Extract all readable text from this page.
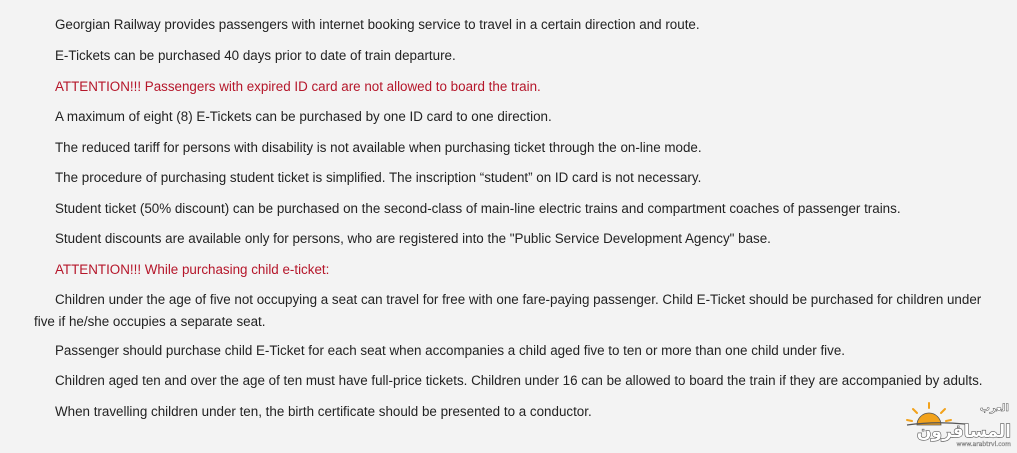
Georgian Railway provides passengers with internet booking service to travel in a certain direction and route.

E-Tickets can be purchased 40 days prior to date of train departure.

ATTENTION!!! Passengers with expired ID card are not allowed to board the train.

A maximum of eight (8) E-Tickets can be purchased by one ID card to one direction.

The reduced tariff for persons with disability is not available when purchasing ticket through the on-line mode.

The procedure of purchasing student ticket is simplified. The inscription “student” on ID card is not necessary.

Student ticket (50% discount) can be purchased on the second-class of main-line electric trains and compartment coaches of passenger trains.

Student discounts are available only for persons, who are registered into the "Public Service Development Agency" base.

ATTENTION!!! While purchasing child e-ticket:

Children under the age of five not occupying a seat can travel for free with one fare-paying passenger. Child E-Ticket should be purchased for children under five if he/she occupies a separate seat.

Passenger should purchase child E-Ticket for each seat when accompanies a child aged five to ten or more than one child under five.

Children aged ten and over the age of ten must have full-price tickets. Children under 16 can be allowed to board the train if they are accompanied by adults.

When travelling children under ten, the birth certificate should be presented to a conductor.	العرب
المسافرون
www.arabtrvl.com
